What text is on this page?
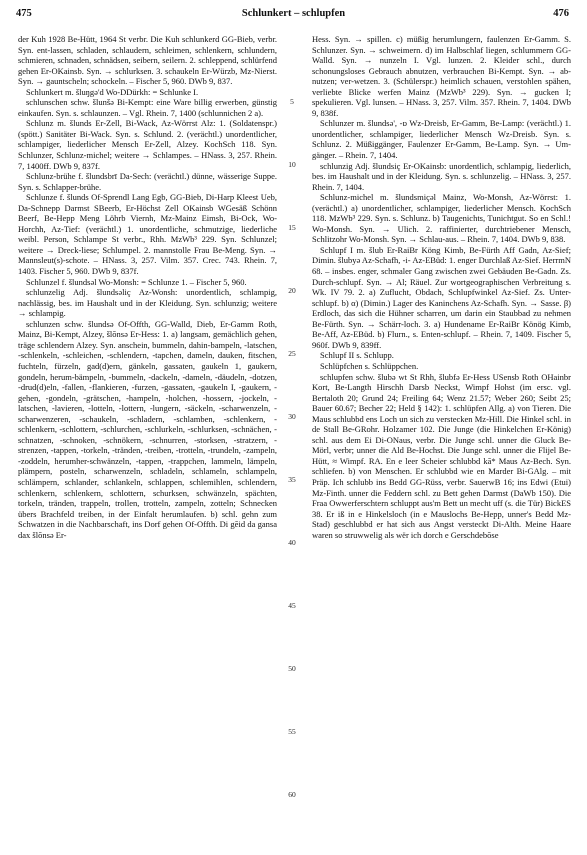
475	Schlunkert – schlupfen	476

der Kuh 1928 Be-Hütt, 1964 St verbr. Die Kuh schlunkerd GG-Bieb, verbr. Syn. ent-lassen, schladen, schlaudern, schleimen, schlenkern, schlundern, schmieren, schnaden, schnädsen, seibern, seilern. 2. schleppend, schlürfend gehen Er-OKainsb. Syn. → schlurksen. 3. schaukeln Er-Würzb, Mz-Nierst. Syn. → gauntscheln; schockeln. – Fischer 5, 960. DWb 9, 837.

Schlunkert m. šluŋgə'd Wo-DDürkh: = Schlunke I.

schlunschen schw. šlunšə Bi-Kempt: eine Ware billig erwerben, günstig einkaufen. Syn. s. schlaunzen. – Vgl. Rhein. 7, 1400 (schlunnichen 2 a).

Schlunz m. šlunds Er-Zell, Bi-Wack, Az-Wörrst Alz: 1. (Soldatenspr.) (spött.) Sanitäter Bi-Wack. Syn. s. Schlund. 2. (verächtl.) unordentlicher, schlampiger, liederlicher Mensch Er-Zell, Alzey. KochSch 118. Syn. Schlunzer, Schlunz-michel; weitere → Schlampes. – HNass. 3, 257. Rhein. 7, 1400ff. DWb 9, 837f.

Schlunz-brühe f. šlundsbrī Da-Sech: (verächtl.) dünne, wässerige Suppe. Syn. s. Schlapper-brühe.

Schlunze f. šlunds Of-Sprendl Lang Egb, GG-Bieb, Di-Harp Kleest Ueb, Da-Schnepp Darmst SBeerb, Er-Höchst Zell OKainsb WGesäß Schönn Beerf, Be-Hepp Meng Löhrb Viernh, Mz-Mainz Eimsh, Bi-Ock, Wo-Horchh, Az-Tief: (verächtl.) 1. unordentliche, schmutzige, liederliche weibl. Person, Schlampe St verbr., Rhh. MzWb³ 229. Syn. Schlunzel; weitere → Dreck-liese; Schlumpel. 2. mannstolle Frau Be-Meng. Syn. → Mannsleut(s)-schote. – HNass. 3, 257. Vilm. 357. Crec. 743. Rhein. 7, 1403. Fischer 5, 960. DWb 9, 837f.

Schlunzel f. šlundsəl Wo-Monsh: = Schlunze 1. – Fischer 5, 960.

schlunzelig Adj. šlundsəliç Az-Wonsh: unordentlich, schlampig, nachlässig, bes. im Haushalt und in der Kleidung. Syn. schlunzig; weitere → schlampig.

schlunzen schw. šlundsə Of-Offth, GG-Walld, Dieb, Er-Gamm Roth, Mainz, Bi-Kempt, Alzey, šlōnsə Er-Hess: 1. a) langsam, gemächlich gehen, träge schlendern Alzey. Syn. anschein, bummeln, dahin-bampeln, -latschen, -schlenkeln, -schleichen, -schlendern, -tapchen, dameln, dauken, fitschen, fuchteln, fürzeln, gad(d)ern, gänkeln, gassaten, gaukeln 1, gaukern, gondeln, herum-bämpeln, -bummeln, -dackeln, -dameln, -däudeln, -dotzen, -drud(d)eln, -fallen, -flankieren, -furzen, -gassaten, -gaukeln I, -gaukern, -gehen, -gondeln, -grätschen, -hampeln, -holchen, -hossern, -jockeln, -latschen, -lavieren, -lotteln, -lottern, -lungern, -säckeln, -scharwenzeln, -scharwenzeren, -schaukeln, -schladern, -schlamben, -schlenkern, -schlenkern, -schlottern, -schlurchen, -schlurkeln, -schlurksen, -schnächen, -schnatzen, -schnoken, -schnökern, -schnurren, -storksen, -stratzern, -strenzen, -tappen, -torkeln, -tränden, -treiben, -trotteln, -trundeln, -zampeln, -zoddeln, herumher-schwänzeln, -tappen, -trappchen, lammeln, lämpeln, plämpern, posteln, scharwenzeln, schladeln, schlameln, schlampeln, schlämpern, schlander, schlankeln, schlappen, schlemihlen, schlendern, schlenkern, schlenkern, schlottern, schurksen, schwänzeln, spächten, torkeln, tränden, trappeln, trollen, trotteln, zampeln, zotteln; Schnecken übers Brachfeld treiben, in der Einfalt herumlaufen. b) schl. gehn zum Schwatzen in die Nachbarschaft, ins Dorf gehen Of-Offth. Di gēid da gansa dax šlōnsə Er-

5
10
15
20
25
30
35
40
45
50
55
60

Hess. Syn. → spillen. c) müßig herumlungern, faulenzen Er-Gamm. S. Schlunzer. Syn. → schweimern. d) im Halbschlaf liegen, schlummern GG-Walld. Syn. → nunzeln I. Vgl. lunzen. 2. Kleider schl., durch schonungsloses Gebrauch abnutzen, verbrauchen Bi-Kempt. Syn. → ab-nutzen; ver-wetzen. 3. (Schülerspr.) heimlich schauen, verstohlen spähen, verliebte Blicke werfen Mainz (MzWb³ 229). Syn. → gucken I; spekulieren. Vgl. lunsen. – HNass. 3, 257. Vilm. 357. Rhein. 7, 1404. DWb 9, 838f.

Schlunzer m. šlundsə', -ɒ Wz-Dreisb, Er-Gamm, Be-Lamp: (verächtl.) 1. unordentlicher, schlampiger, liederlicher Mensch Wz-Dreisb. Syn. s. Schlunz. 2. Müßiggänger, Faulenzer Er-Gamm, Be-Lamp. Syn. → Um-gänger. – Rhein. 7, 1404.

schlunzig Adj. šlundsiç Er-OKainsb: unordentlich, schlampig, liederlich, bes. im Haushalt und in der Kleidung. Syn. s. schlunzelig. – HNass. 3, 257. Rhein. 7, 1404.

Schlunz-michel m. šlundsmiçəl Mainz, Wo-Monsh, Az-Wörrst: 1. (verächtl.) a) unordentlicher, schlampiger, liederlicher Mensch. KochSch 118. MzWb³ 229. Syn. s. Schlunz. b) Taugenichts, Tunichtgut. So en Schl.! Wo-Monsh. Syn. → Ulich. 2. raffinierter, durchtriebener Mensch, Schlitzohr Wo-Monsh. Syn. → Schlau-aus. – Rhein. 7, 1404. DWb 9, 838.

Schlupf I m. šlub Er-RaiBr Köng Kimb, Be-Fürth Aff Gadn, Az-Sief; Dimin. šlubyə Az-Schafh, -i- Az-EBüd: 1. enger Durchlaß Az-Sief. HerrmN 68. – insbes. enger, schmaler Gang zwischen zwei Gebäuden Be-Gadn. Zs. Durch-schlupf. Syn. → Al; Räuel. Zur wortgeographischen Verbreitung s. Wk. IV 79. 2. a) Zuflucht, Obdach, Schlupfwinkel Az-Sief. Zs. Unter-schlupf. b) α) (Dimin.) Lager des Kaninchens Az-Schafh. Syn. → Sasse. β) Erdloch, das sich die Hühner scharren, um darin ein Staubbad zu nehmen Be-Fürth. Syn. → Schärr-loch. 3. a) Hundename Er-RaiBr Könög Kimb, Be-Aff, Az-EBüd. b) Flurn., s. Enten-schlupf. – Rhein. 7, 1409. Fischer 5, 960f. DWb 9, 839ff.

Schlupf II s. Schlupp.

Schlüpfchen s. Schlüppchen.

schlupfen schw. šlubə wt St Rhh, šlubfə Er-Hess USensb Roth OHainbr Kort, Be-Langth Hirschh Darsb Neckst, Wimpf Hohst (im ersc. vgl. Bertaloth 20; Grund 24; Freiling 64; Wenz 21.57; Weber 260; Seibt 25; Bauer 60.67; Becher 22; Held § 142): 1. schlüpfen Allg. a) von Tieren. Die Maus schlubbd ens Loch un sich zu verstecken Mz-Hill. Die Hinkel schl. in de Stall Be-GRohr. Holzamer 102. Die Junge (die Hinkelchen Er-König) schl. aus dem Ei Di-ONaus, verbr. Die Junge schl. unner die Gluck Be-Mörl, verbr; unner die Ald Be-Hochst. Die Junge schl. unner die Flijel Be-Hütt, ≈ Wimpf. RA. En e leer Scheier schlubbd kā* Maus Az-Bech. Syn. schliefen. b) von Menschen. Er schlubbd wie en Marder Bi-GAlg. – mit Präp. Ich schlubb ins Bedd GG-Rüss, verbr. SauerwB 16; ins Edwi (Etui) Mz-Finth. unner die Feddern schl. zu Bett gehen Darmst (DaWb 150). Die Fraa Owwerferschtern schluppt aus'm Bett un mecht uff (s. die Tür) BickES 38. Er iß in e Hinkelsloch (in e Mauslochs Be-Hepp, unner's Bedd Mz-Stad) geschlubbd er hat sich aus Angst versteckt Di-Alth. Meine Haare waren so struwwelig als wër ich dorch e Gerschdebōse
